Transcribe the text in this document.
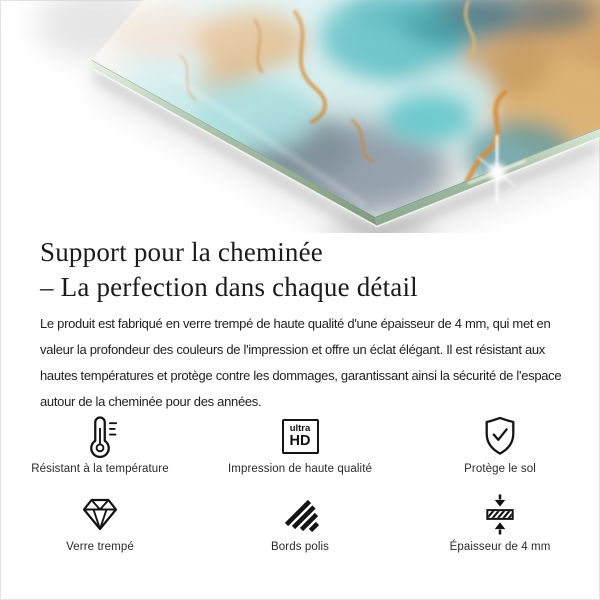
Support pour la cheminée
– La perfection dans chaque détail
Le produit est fabriqué en verre trempé de haute qualité d'une épaisseur de 4 mm, qui met en
valeur la profondeur des couleurs de l'impression et offre un éclat élégant. Il est résistant aux
hautes températures et protège contre les dommages, garantissant ainsi la sécurité de l'espace
autour de la cheminée pour des années.
Résistant à la température
ultra
HD
Impression de haute qualité	Protège le sol
Verre trempé	Bords polis	Épaisseur de 4 mm
